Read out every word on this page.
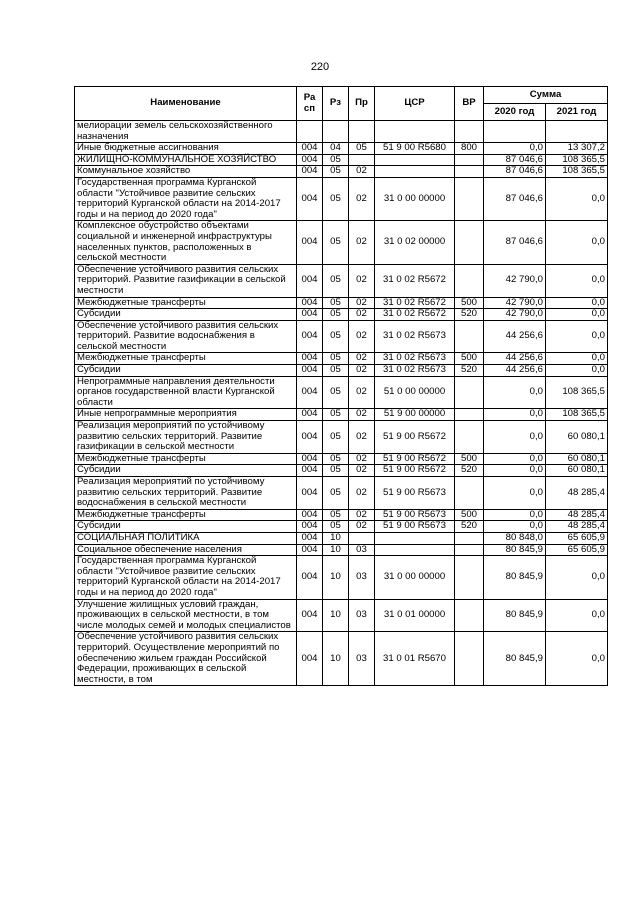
220
Наименование	Ра сп	Рз	Пр	ЦСР	ВР	Сумма	
						2020 год	2021 год
мелиорации земель сельскохозяйственного назначения							
Иные бюджетные ассигнования	004	04	05	51 9 00 R5680	800	0,0	13 307,2
ЖИЛИЩНО-КОММУНАЛЬНОЕ ХОЗЯЙСТВО	004	05				87 046,6	108 365,5
Коммунальное хозяйство	004	05	02			87 046,6	108 365,5
Государственная программа Курганской области "Устойчивое развитие сельских территорий Курганской области на 2014-2017 годы и на период до 2020 года"	004	05	02	31 0 00 00000		87 046,6	0,0
Комплексное обустройство объектами социальной и инженерной инфраструктуры населенных пунктов, расположенных в сельской местности	004	05	02	31 0 02 00000		87 046,6	0,0
Обеспечение устойчивого развития сельских территорий. Развитие газификации в сельской местности	004	05	02	31 0 02 R5672		42 790,0	0,0
Межбюджетные трансферты	004	05	02	31 0 02 R5672	500	42 790,0	0,0
Субсидии	004	05	02	31 0 02 R5672	520	42 790,0	0,0
Обеспечение устойчивого развития сельских территорий. Развитие водоснабжения в сельской местности	004	05	02	31 0 02 R5673		44 256,6	0,0
Межбюджетные трансферты	004	05	02	31 0 02 R5673	500	44 256,6	0,0
Субсидии	004	05	02	31 0 02 R5673	520	44 256,6	0,0
Непрограммные направления деятельности органов государственной власти Курганской области	004	05	02	51 0 00 00000		0,0	108 365,5
Иные непрограммные мероприятия	004	05	02	51 9 00 00000		0,0	108 365,5
Реализация мероприятий по устойчивому развитию сельских территорий. Развитие газификации в сельской местности	004	05	02	51 9 00 R5672		0,0	60 080,1
Межбюджетные трансферты	004	05	02	51 9 00 R5672	500	0,0	60 080,1
Субсидии	004	05	02	51 9 00 R5672	520	0,0	60 080,1
Реализация мероприятий по устойчивому развитию сельских территорий. Развитие водоснабжения в сельской местности	004	05	02	51 9 00 R5673		0,0	48 285,4
Межбюджетные трансферты	004	05	02	51 9 00 R5673	500	0,0	48 285,4
Субсидии	004	05	02	51 9 00 R5673	520	0,0	48 285,4
СОЦИАЛЬНАЯ ПОЛИТИКА	004	10				80 848,0	65 605,9
Социальное обеспечение населения	004	10	03			80 845,9	65 605,9
Государственная программа Курганской области "Устойчивое развитие сельских территорий Курганской области на 2014-2017 годы и на период до 2020 года"	004	10	03	31 0 00 00000		80 845,9	0,0
Улучшение жилищных условий граждан, проживающих в сельской местности, в том числе молодых семей и молодых специалистов	004	10	03	31 0 01 00000		80 845,9	0,0
Обеспечение устойчивого развития сельских территорий. Осуществление мероприятий по обеспечению жильем граждан Российской Федерации, проживающих в сельской местности, в том	004	10	03	31 0 01 R5670		80 845,9	0,0
